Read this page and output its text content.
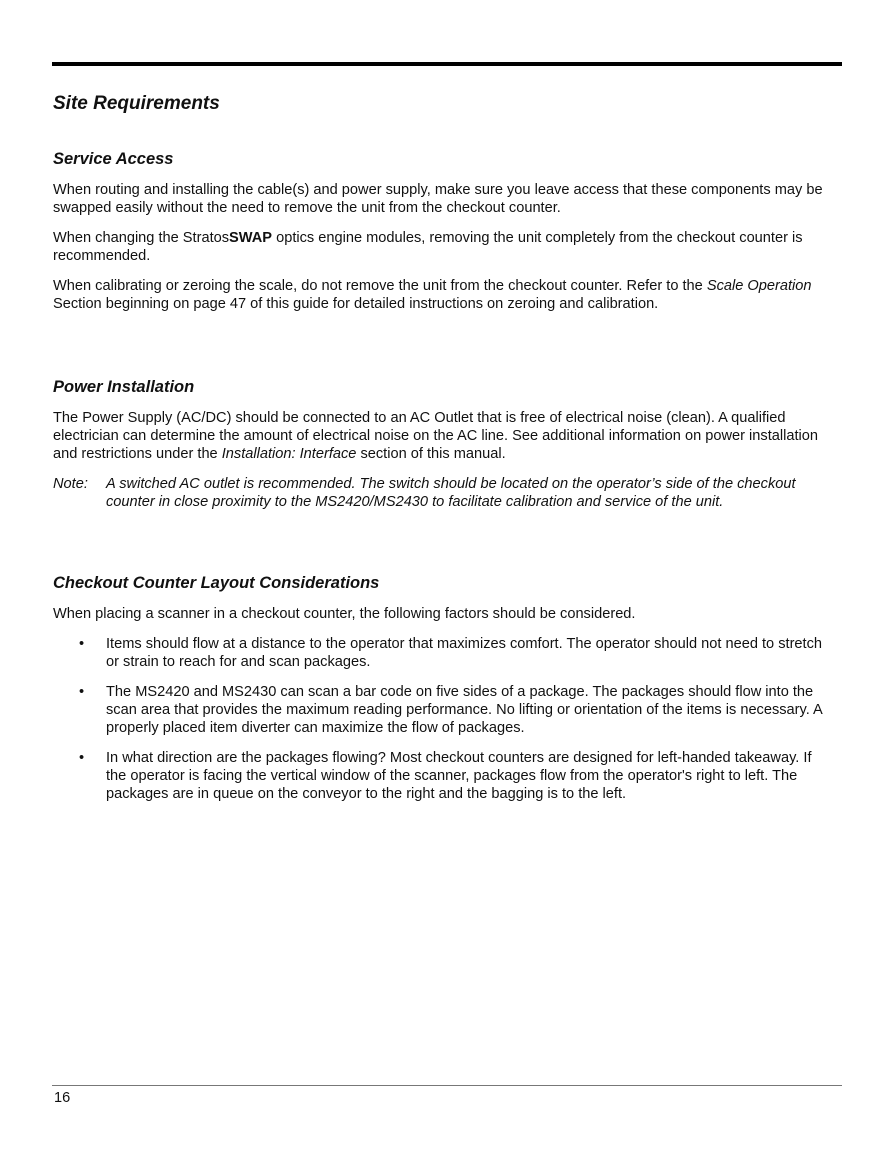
Site Requirements
Service Access

When routing and installing the cable(s) and power supply, make sure you leave access that these components may be swapped easily without the need to remove the unit from the checkout counter.

When changing the StratosSWAP optics engine modules, removing the unit completely from the checkout counter is recommended.

When calibrating or zeroing the scale, do not remove the unit from the checkout counter. Refer to the Scale Operation Section beginning on page 47 of this guide for detailed instructions on zeroing and calibration.

Power Installation

The Power Supply (AC/DC) should be connected to an AC Outlet that is free of electrical noise (clean). A qualified electrician can determine the amount of electrical noise on the AC line. See additional information on power installation and restrictions under the Installation: Interface section of this manual.

Note:	A switched AC outlet is recommended. The switch should be located on the operator’s side of the checkout counter in close proximity to the MS2420/MS2430 to facilitate calibration and service of the unit.
Checkout Counter Layout Considerations

When placing a scanner in a checkout counter, the following factors should be considered.

•	Items should flow at a distance to the operator that maximizes comfort. The operator should not need to stretch or strain to reach for and scan packages.
•	The MS2420 and MS2430 can scan a bar code on five sides of a package. The packages should flow into the scan area that provides the maximum reading performance. No lifting or orientation of the items is necessary. A properly placed item diverter can maximize the flow of packages.
•	In what direction are the packages flowing? Most checkout counters are designed for left-handed takeaway. If the operator is facing the vertical window of the scanner, packages flow from the operator's right to left. The packages are in queue on the conveyor to the right and the bagging is to the left.
16
